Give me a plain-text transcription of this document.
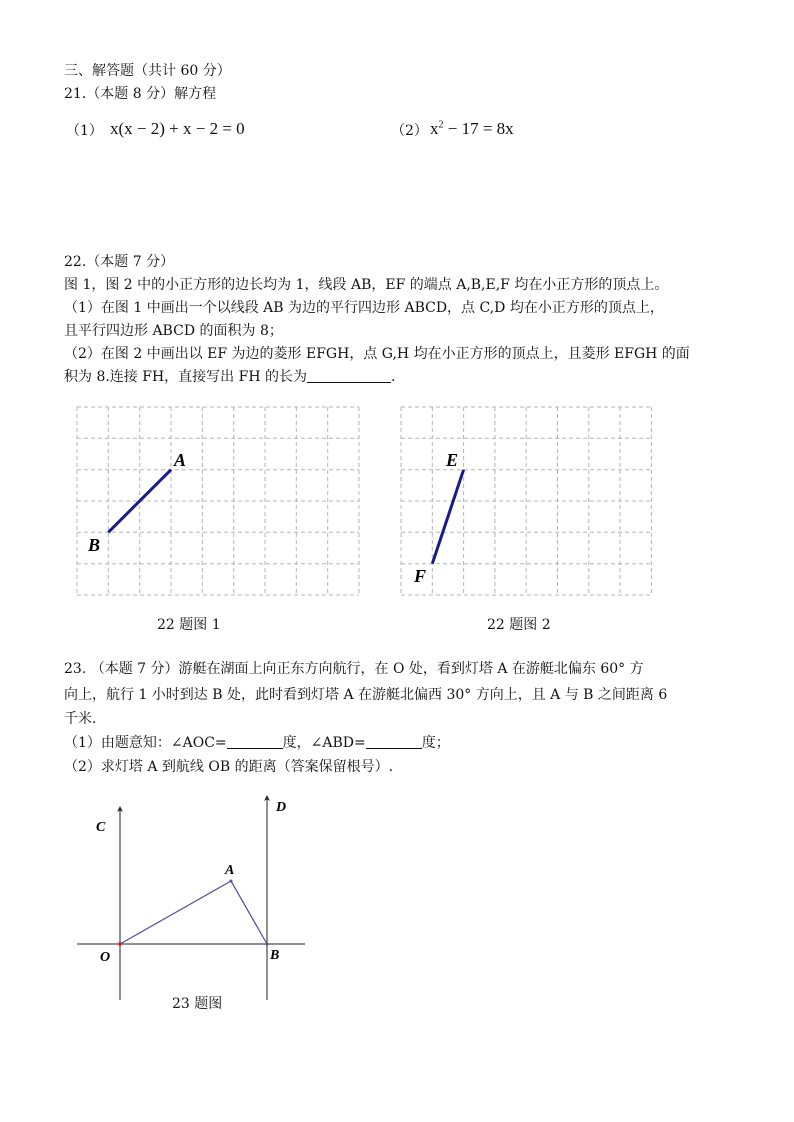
三、解答题（共计 60 分）
21.（本题 8 分）解方程
（1） x(x − 2) + x − 2 = 0	（2） $x^2 - 17 = 8x$
22.（本题 7 分）
图 1，图 2 中的小正方形的边长均为 1，线段 AB，EF 的端点 A,B,E,F 均在小正方形的顶点上。
（1）在图 1 中画出一个以线段 AB 为边的平行四边形 ABCD，点 C,D 均在小正方形的顶点上，
且平行四边形 ABCD 的面积为 8；
（2）在图 2 中画出以 EF 为边的菱形 EFGH，点 G,H 均在小正方形的顶点上，且菱形 EFGH 的面
积为 8.连接 FH，直接写出 FH 的长为	.
A
B
22 题图 1
E
F
22 题图 2
23. （本题 7 分）游艇在湖面上向正东方向航行，在 O 处，看到灯塔 A 在游艇北偏东 60° 方
向上，航行 1 小时到达 B 处，此时看到灯塔 A 在游艇北偏西 30° 方向上，且 A 与 B 之间距离 6
千米.
（1）由题意知：∠AOC=	度，∠ABD=	度；
（2）求灯塔 A 到航线 OB 的距离（答案保留根号）.
C
D
A
O	B
23 题图
